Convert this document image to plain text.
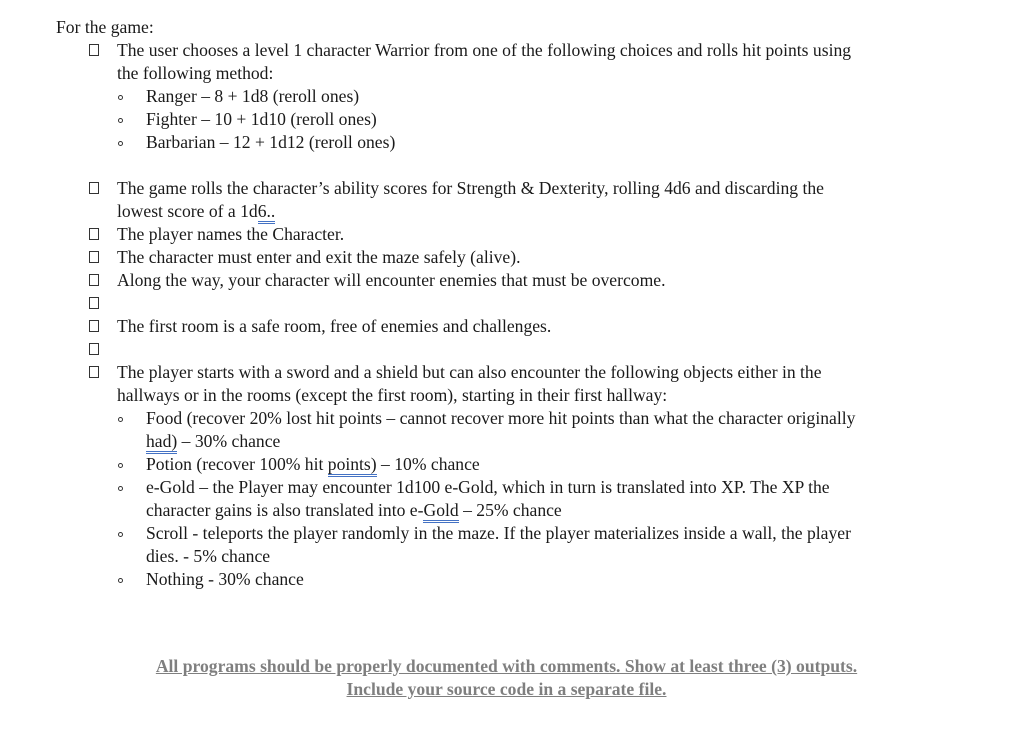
For the game:
The user chooses a level 1 character Warrior from one of the following choices and rolls hit points using
the following method:
Ranger – 8 + 1d8 (reroll ones)
Fighter – 10 + 1d10 (reroll ones)
Barbarian – 12 + 1d12 (reroll ones)
The game rolls the character’s ability scores for Strength & Dexterity, rolling 4d6 and discarding the
lowest score of a 1d6..
The player names the Character.
The character must enter and exit the maze safely (alive).
Along the way, your character will encounter enemies that must be overcome.
The first room is a safe room, free of enemies and challenges.
The player starts with a sword and a shield but can also encounter the following objects either in the
hallways or in the rooms (except the first room), starting in their first hallway:
Food (recover 20% lost hit points – cannot recover more hit points than what the character originally
had) – 30% chance
Potion (recover 100% hit points) – 10% chance
e-Gold – the Player may encounter 1d100 e-Gold, which in turn is translated into XP. The XP the
character gains is also translated into e-Gold – 25% chance
Scroll - teleports the player randomly in the maze. If the player materializes inside a wall, the player
dies. - 5% chance
Nothing - 30% chance
All programs should be properly documented with comments. Show at least three (3) outputs.
Include your source code in a separate file.
